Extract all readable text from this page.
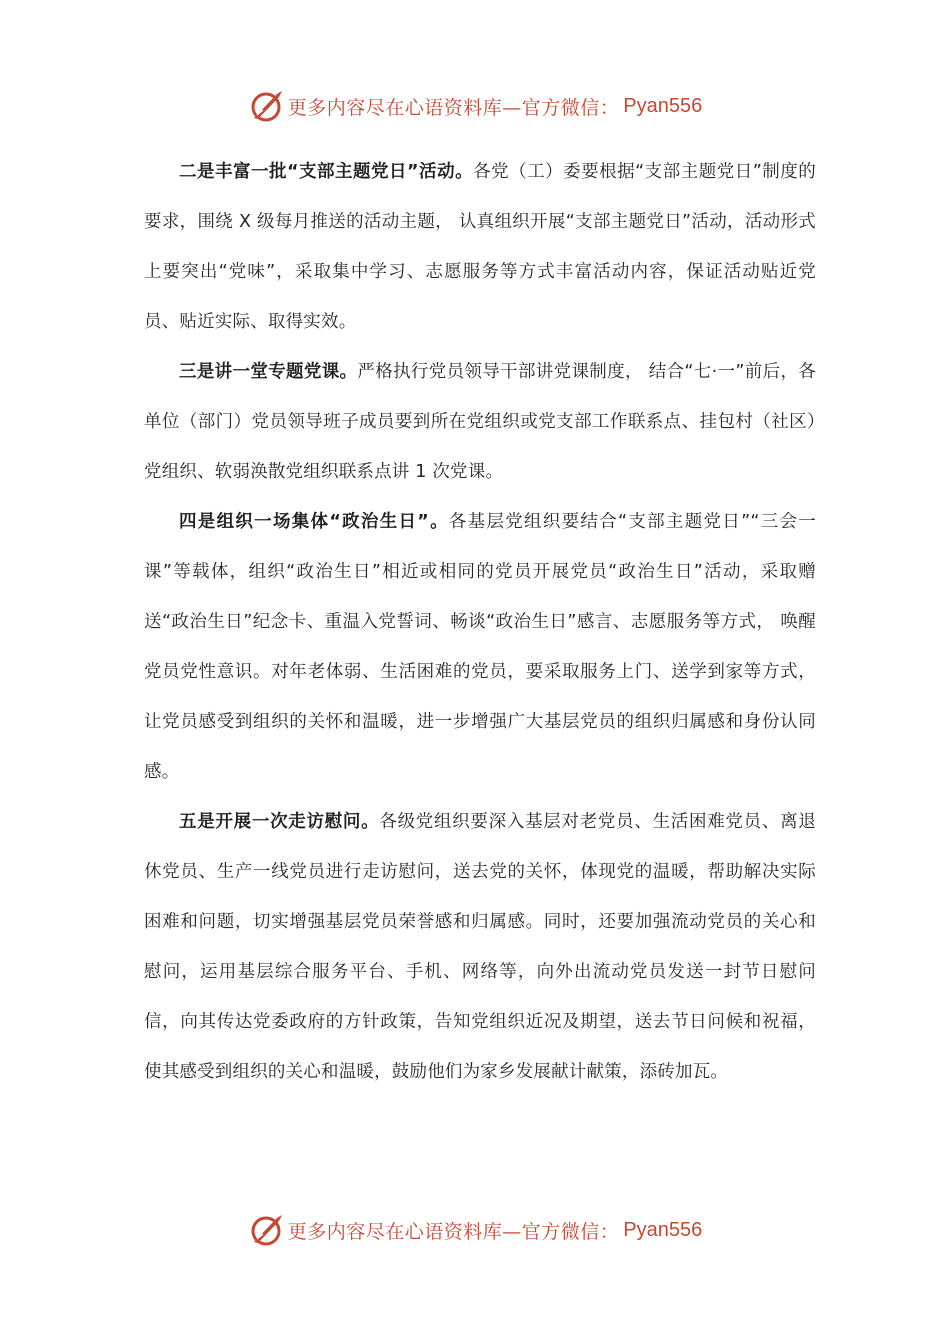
更多内容尽在心语资料库—官方微信： Pyan556

二是丰富一批“支部主题党日”活动。各党（工）委要根据“支部主题党日”制度的要求，围绕 X 级每月推送的活动主题， 认真组织开展“支部主题党日”活动，活动形式上要突出“党味”，采取集中学习、志愿服务等方式丰富活动内容，保证活动贴近党员、贴近实际、取得实效。

三是讲一堂专题党课。严格执行党员领导干部讲党课制度， 结合“七·一”前后，各单位（部门）党员领导班子成员要到所在党组织或党支部工作联系点、挂包村（社区）党组织、软弱涣散党组织联系点讲 1 次党课。

四是组织一场集体“政治生日”。各基层党组织要结合“支部主题党日”“三会一课”等载体，组织“政治生日”相近或相同的党员开展党员“政治生日”活动，采取赠送“政治生日”纪念卡、重温入党誓词、畅谈“政治生日”感言、志愿服务等方式， 唤醒党员党性意识。对年老体弱、生活困难的党员，要采取服务上门、送学到家等方式，让党员感受到组织的关怀和温暖，进一步增强广大基层党员的组织归属感和身份认同感。

五是开展一次走访慰问。各级党组织要深入基层对老党员、生活困难党员、离退休党员、生产一线党员进行走访慰问，送去党的关怀，体现党的温暖，帮助解决实际困难和问题，切实增强基层党员荣誉感和归属感。同时，还要加强流动党员的关心和慰问，运用基层综合服务平台、手机、网络等，向外出流动党员发送一封节日慰问信，向其传达党委政府的方针政策，告知党组织近况及期望，送去节日问候和祝福，使其感受到组织的关心和温暖，鼓励他们为家乡发展献计献策，添砖加瓦。

更多内容尽在心语资料库—官方微信： Pyan556
